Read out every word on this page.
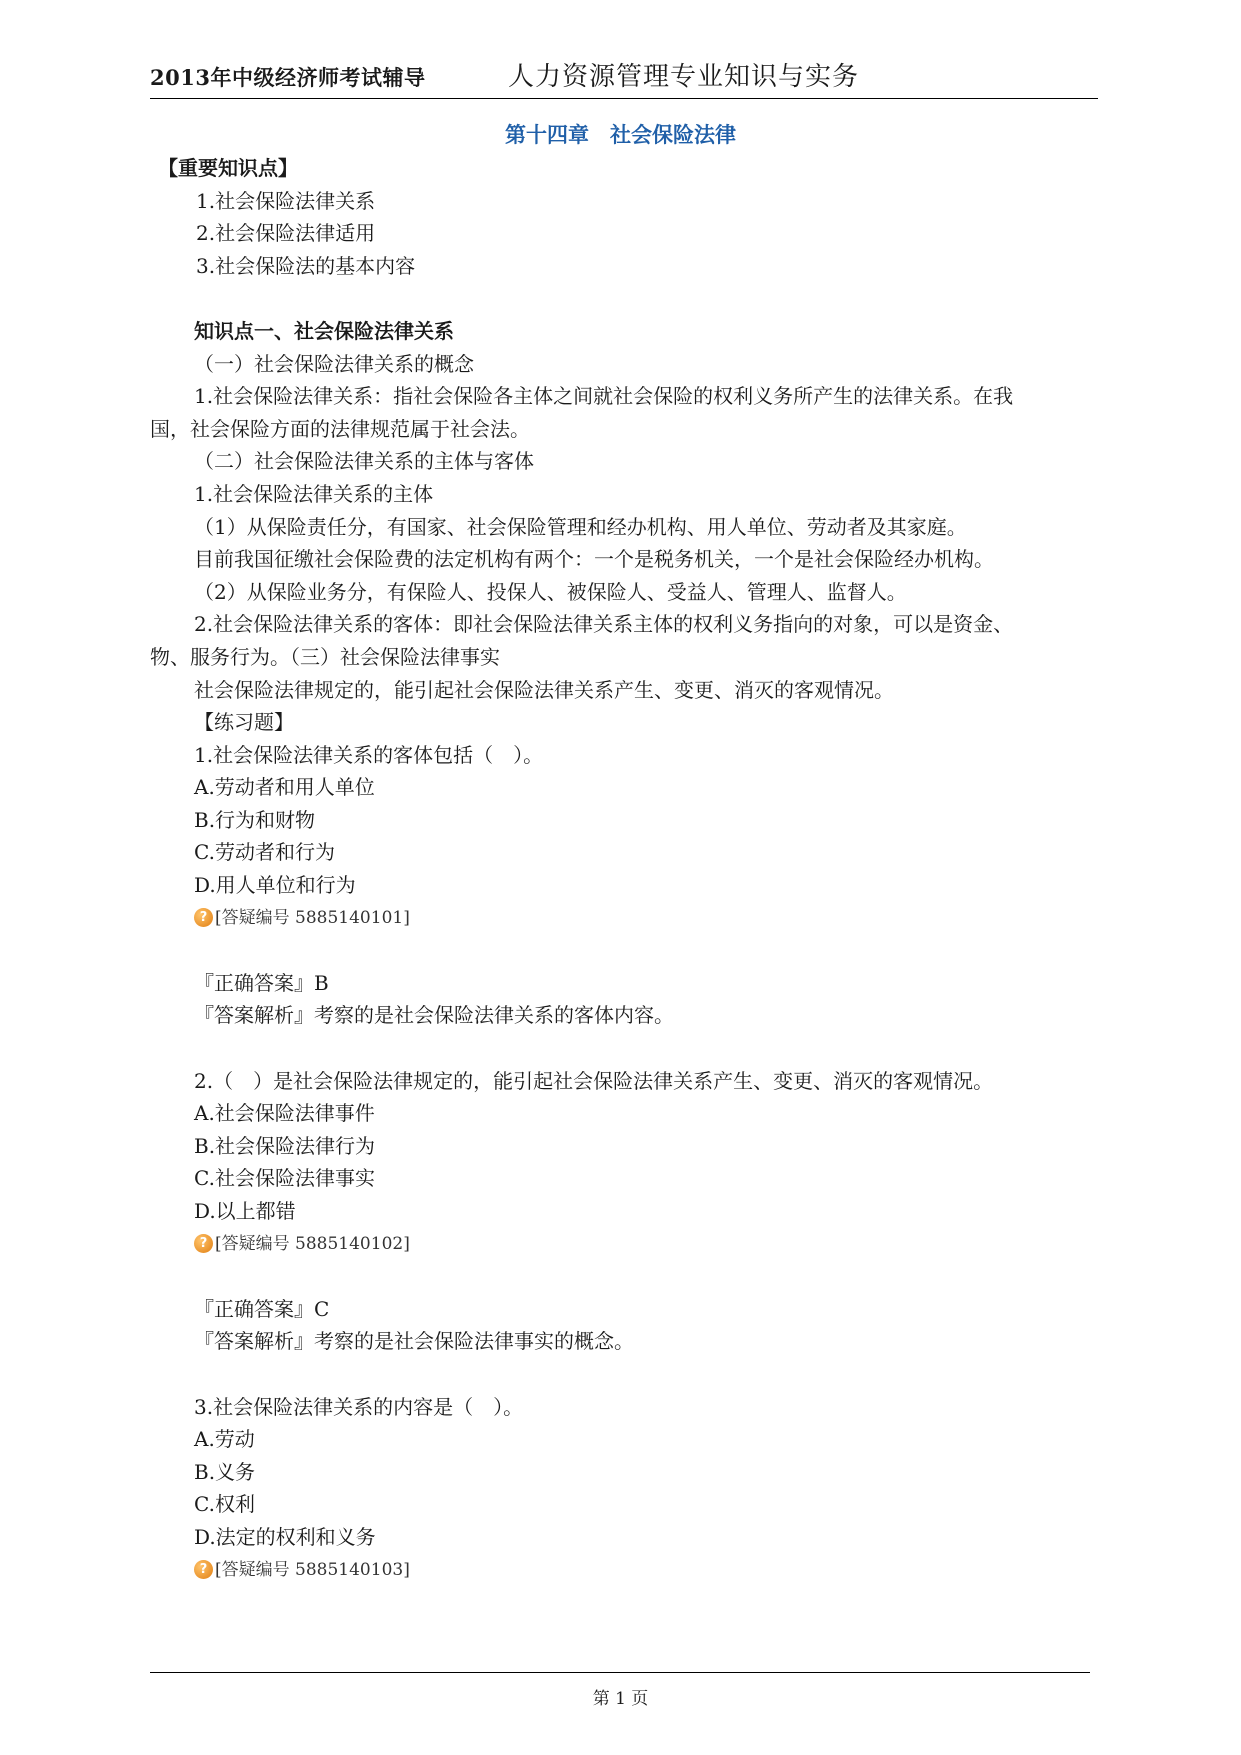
2013年中级经济师考试辅导	人力资源管理专业知识与实务
第十四章　社会保险法律
【重要知识点】
1.社会保险法律关系
2.社会保险法律适用
3.社会保险法的基本内容
知识点一、社会保险法律关系
（一）社会保险法律关系的概念
1.社会保险法律关系：指社会保险各主体之间就社会保险的权利义务所产生的法律关系。在我
国，社会保险方面的法律规范属于社会法。
（二）社会保险法律关系的主体与客体
1.社会保险法律关系的主体
（1）从保险责任分，有国家、社会保险管理和经办机构、用人单位、劳动者及其家庭。
目前我国征缴社会保险费的法定机构有两个：一个是税务机关，一个是社会保险经办机构。
（2）从保险业务分，有保险人、投保人、被保险人、受益人、管理人、监督人。
2.社会保险法律关系的客体：即社会保险法律关系主体的权利义务指向的对象，可以是资金、
物、服务行为。（三）社会保险法律事实
社会保险法律规定的，能引起社会保险法律关系产生、变更、消灭的客观情况。
【练习题】
1.社会保险法律关系的客体包括（　）。
A.劳动者和用人单位
B.行为和财物
C.劳动者和行为
D.用人单位和行为
? [答疑编号 5885140101]
『正确答案』B
『答案解析』考察的是社会保险法律关系的客体内容。
2.（　）是社会保险法律规定的，能引起社会保险法律关系产生、变更、消灭的客观情况。
A.社会保险法律事件
B.社会保险法律行为
C.社会保险法律事实
D.以上都错
? [答疑编号 5885140102]
『正确答案』C
『答案解析』考察的是社会保险法律事实的概念。
3.社会保险法律关系的内容是（　）。
A.劳动
B.义务
C.权利
D.法定的权利和义务
? [答疑编号 5885140103]
第 1 页
